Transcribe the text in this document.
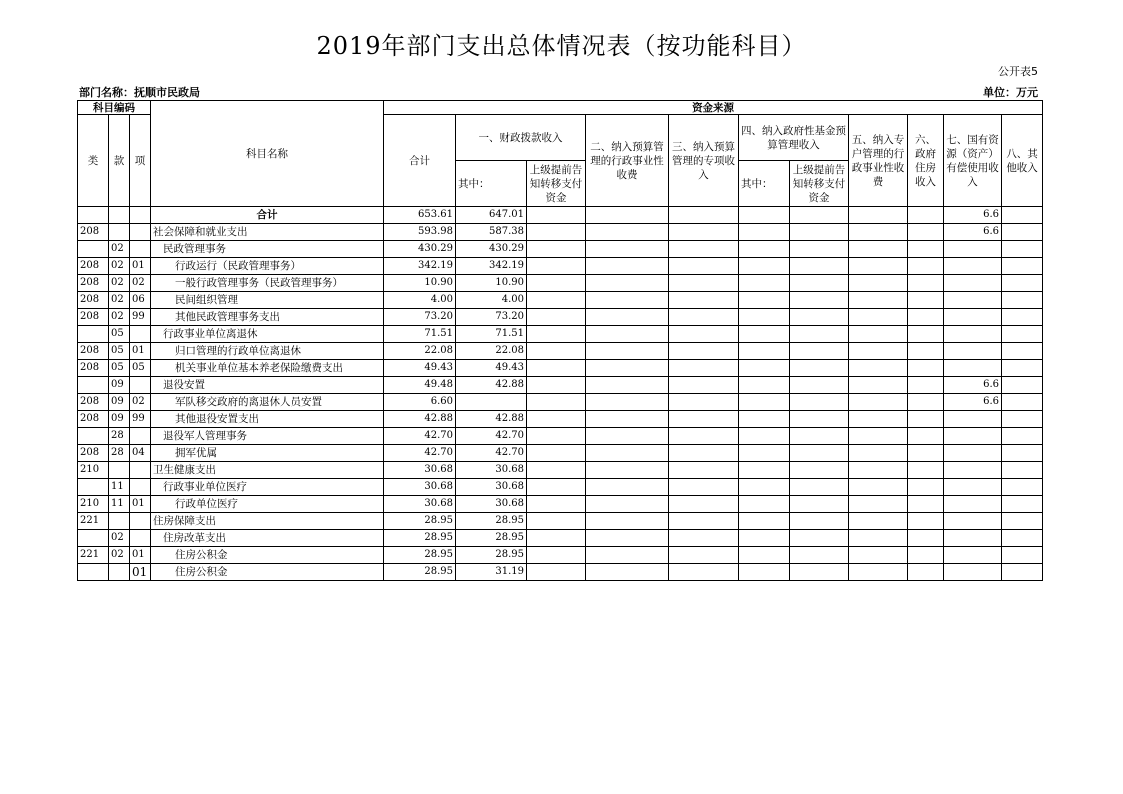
2019年部门支出总体情况表（按功能科目）
公开表5
部门名称：抚顺市民政局	单位：万元
科目编码			科目名称	资金来源										
类	款	项		合计	一、财政拨款收入		二、纳入预算管理的行政事业性收费	三、纳入预算管理的专项收入	四、纳入政府性基金预算管理收入		五、纳入专户管理的行政事业性收费	六、政府住房收入	七、国有资源（资产）有偿使用收入	八、其他收入
					其中：	上级提前告知转移支付资金			其中：	上级提前告知转移支付资金				
			合计	653.61	647.01								6.6	
208			社会保障和就业支出	593.98	587.38								6.6	
	02		民政管理事务	430.29	430.29									
208	02	01	行政运行（民政管理事务）	342.19	342.19									
208	02	02	一般行政管理事务（民政管理事务）	10.90	10.90									
208	02	06	民间组织管理	4.00	4.00									
208	02	99	其他民政管理事务支出	73.20	73.20									
	05		行政事业单位离退休	71.51	71.51									
208	05	01	归口管理的行政单位离退休	22.08	22.08									
208	05	05	机关事业单位基本养老保险缴费支出	49.43	49.43									
	09		退役安置	49.48	42.88								6.6	
208	09	02	军队移交政府的离退休人员安置	6.60									6.6	
208	09	99	其他退役安置支出	42.88	42.88									
	28		退役军人管理事务	42.70	42.70									
208	28	04	拥军优属	42.70	42.70									
210			卫生健康支出	30.68	30.68									
	11		行政事业单位医疗	30.68	30.68									
210	11	01	行政单位医疗	30.68	30.68									
221			住房保障支出	28.95	28.95									
	02		住房改革支出	28.95	28.95									
221	02	01	住房公积金	28.95	28.95									
		01	住房公积金	28.95	31.19									
